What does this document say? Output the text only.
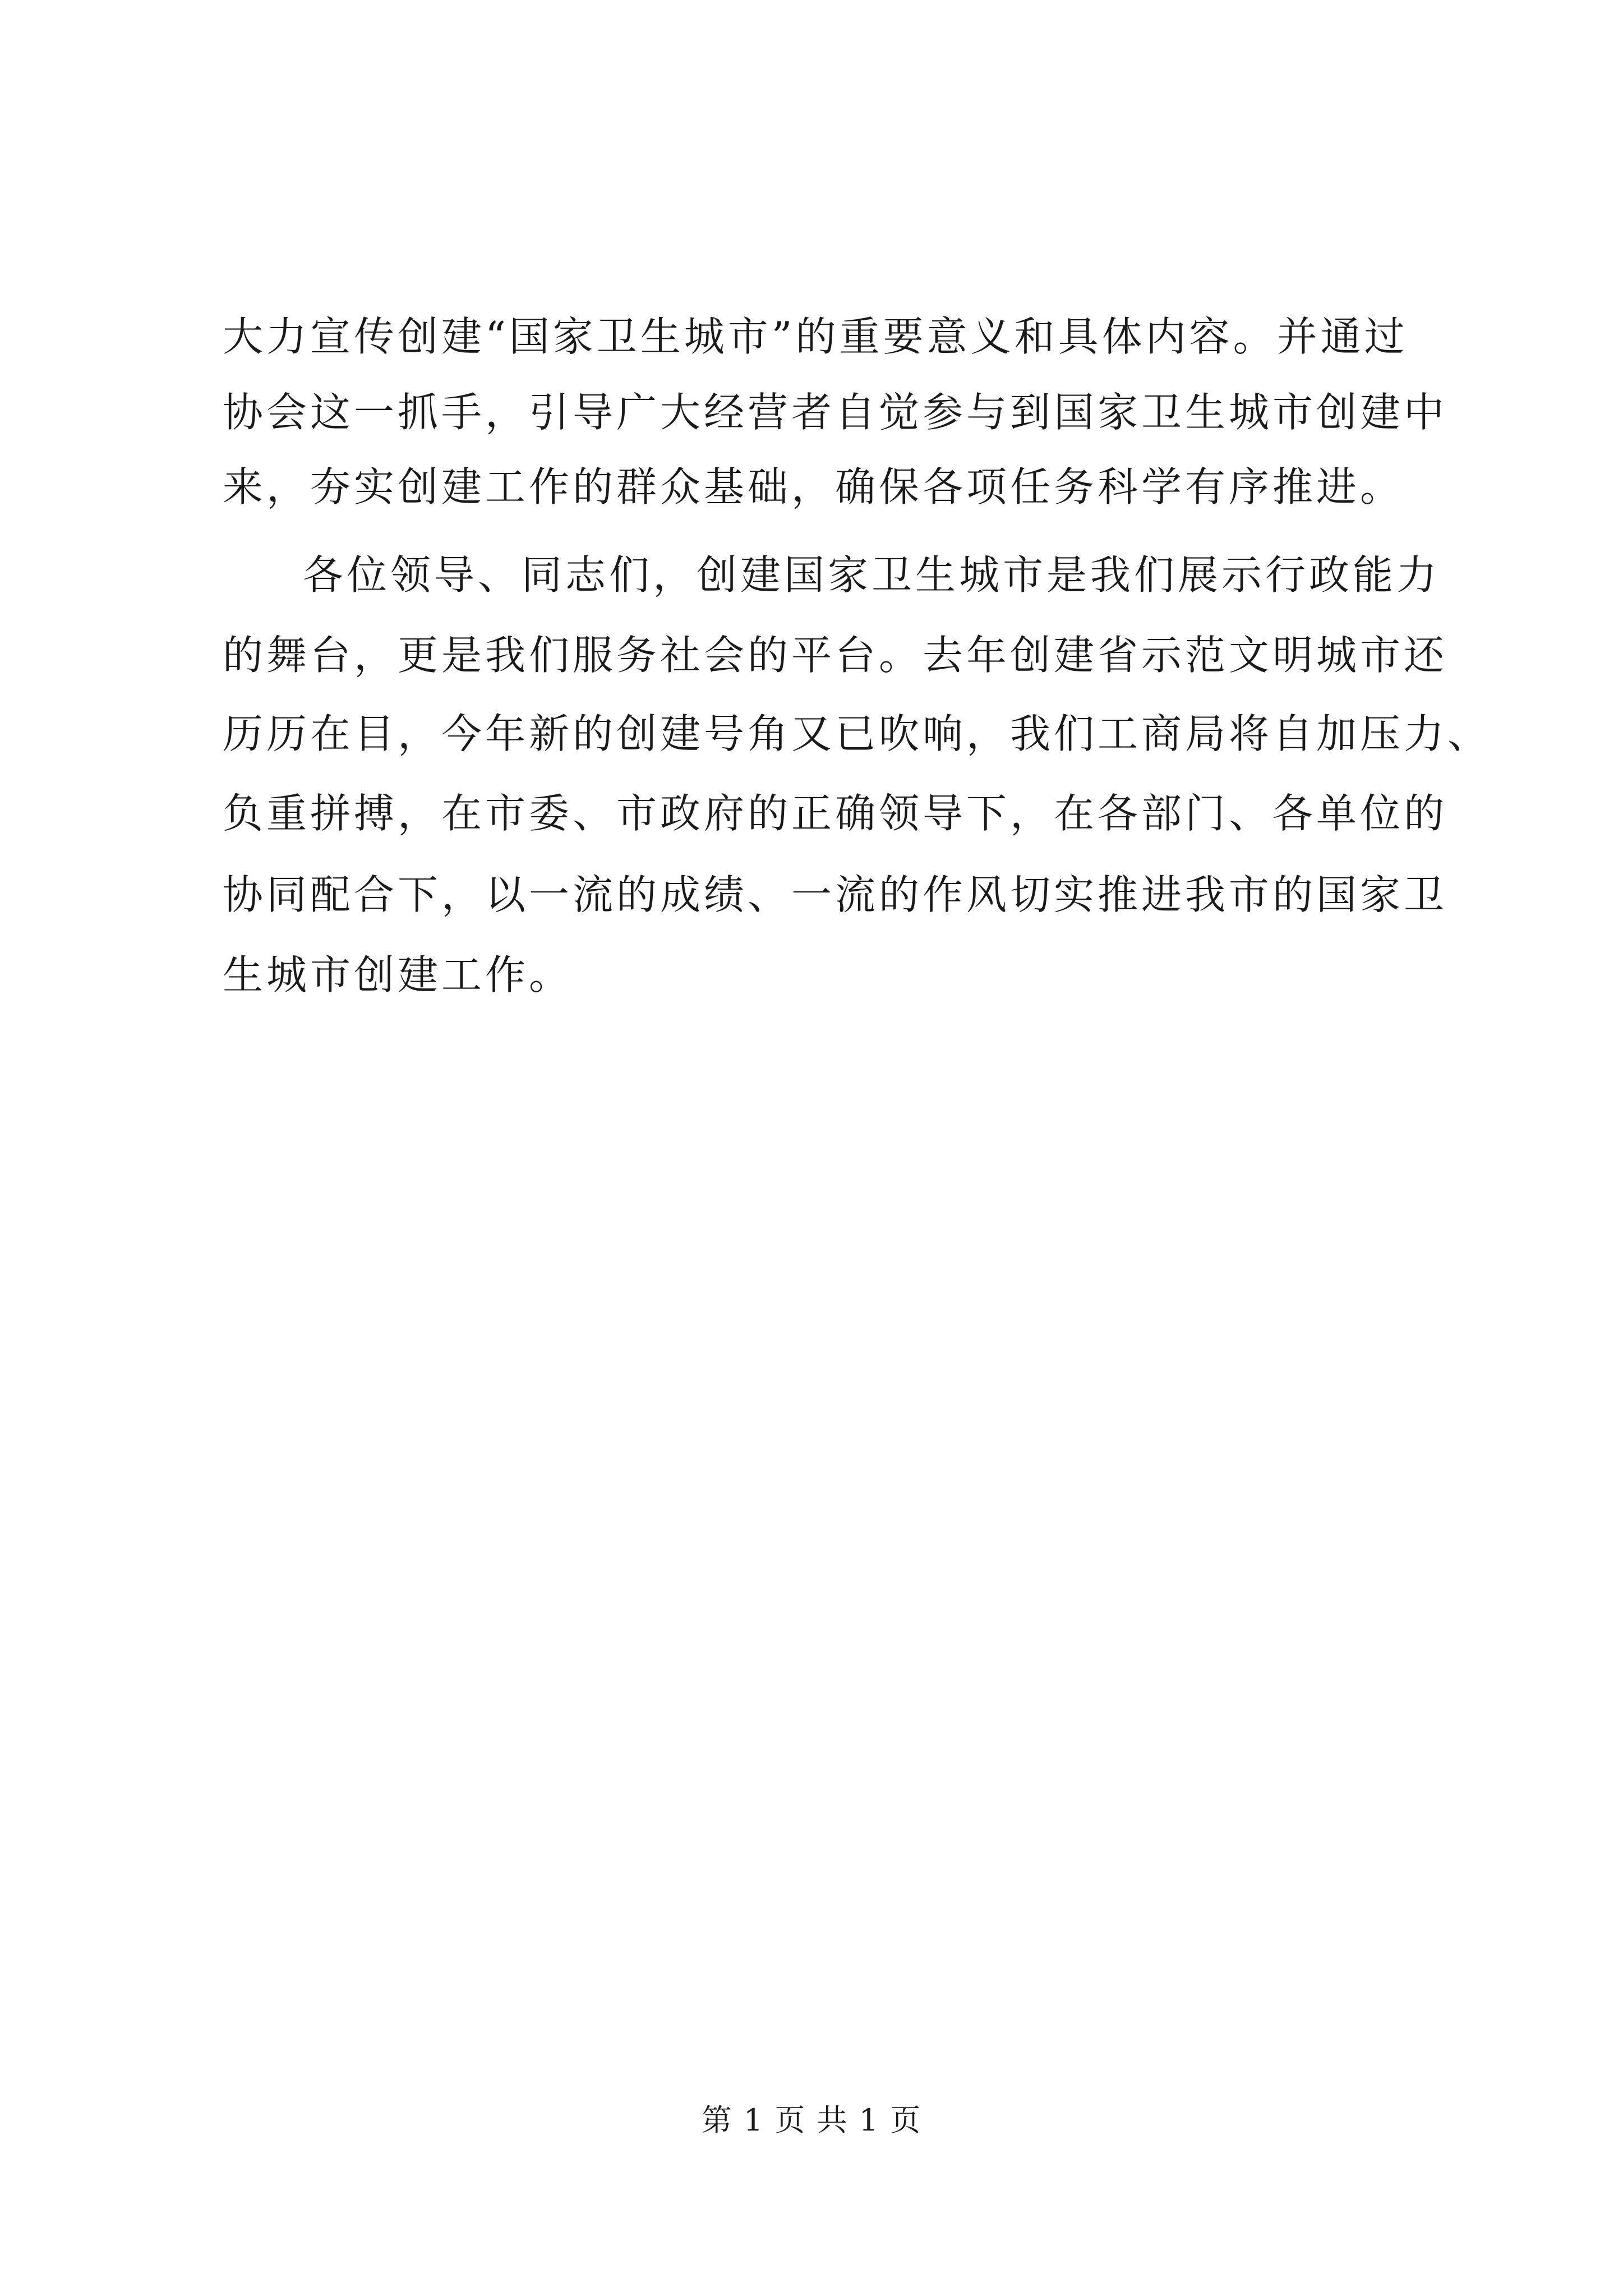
大力宣传创建“国家卫生城市”的重要意义和具体内容。并通过
协会这一抓手，引导广大经营者自觉参与到国家卫生城市创建中
来，夯实创建工作的群众基础，确保各项任务科学有序推进。
各位领导、同志们，创建国家卫生城市是我们展示行政能力
的舞台，更是我们服务社会的平台。去年创建省示范文明城市还
历历在目，今年新的创建号角又已吹响，我们工商局将自加压力、
负重拼搏，在市委、市政府的正确领导下，在各部门、各单位的
协同配合下，以一流的成绩、一流的作风切实推进我市的国家卫
生城市创建工作。
第 1 页 共 1 页
